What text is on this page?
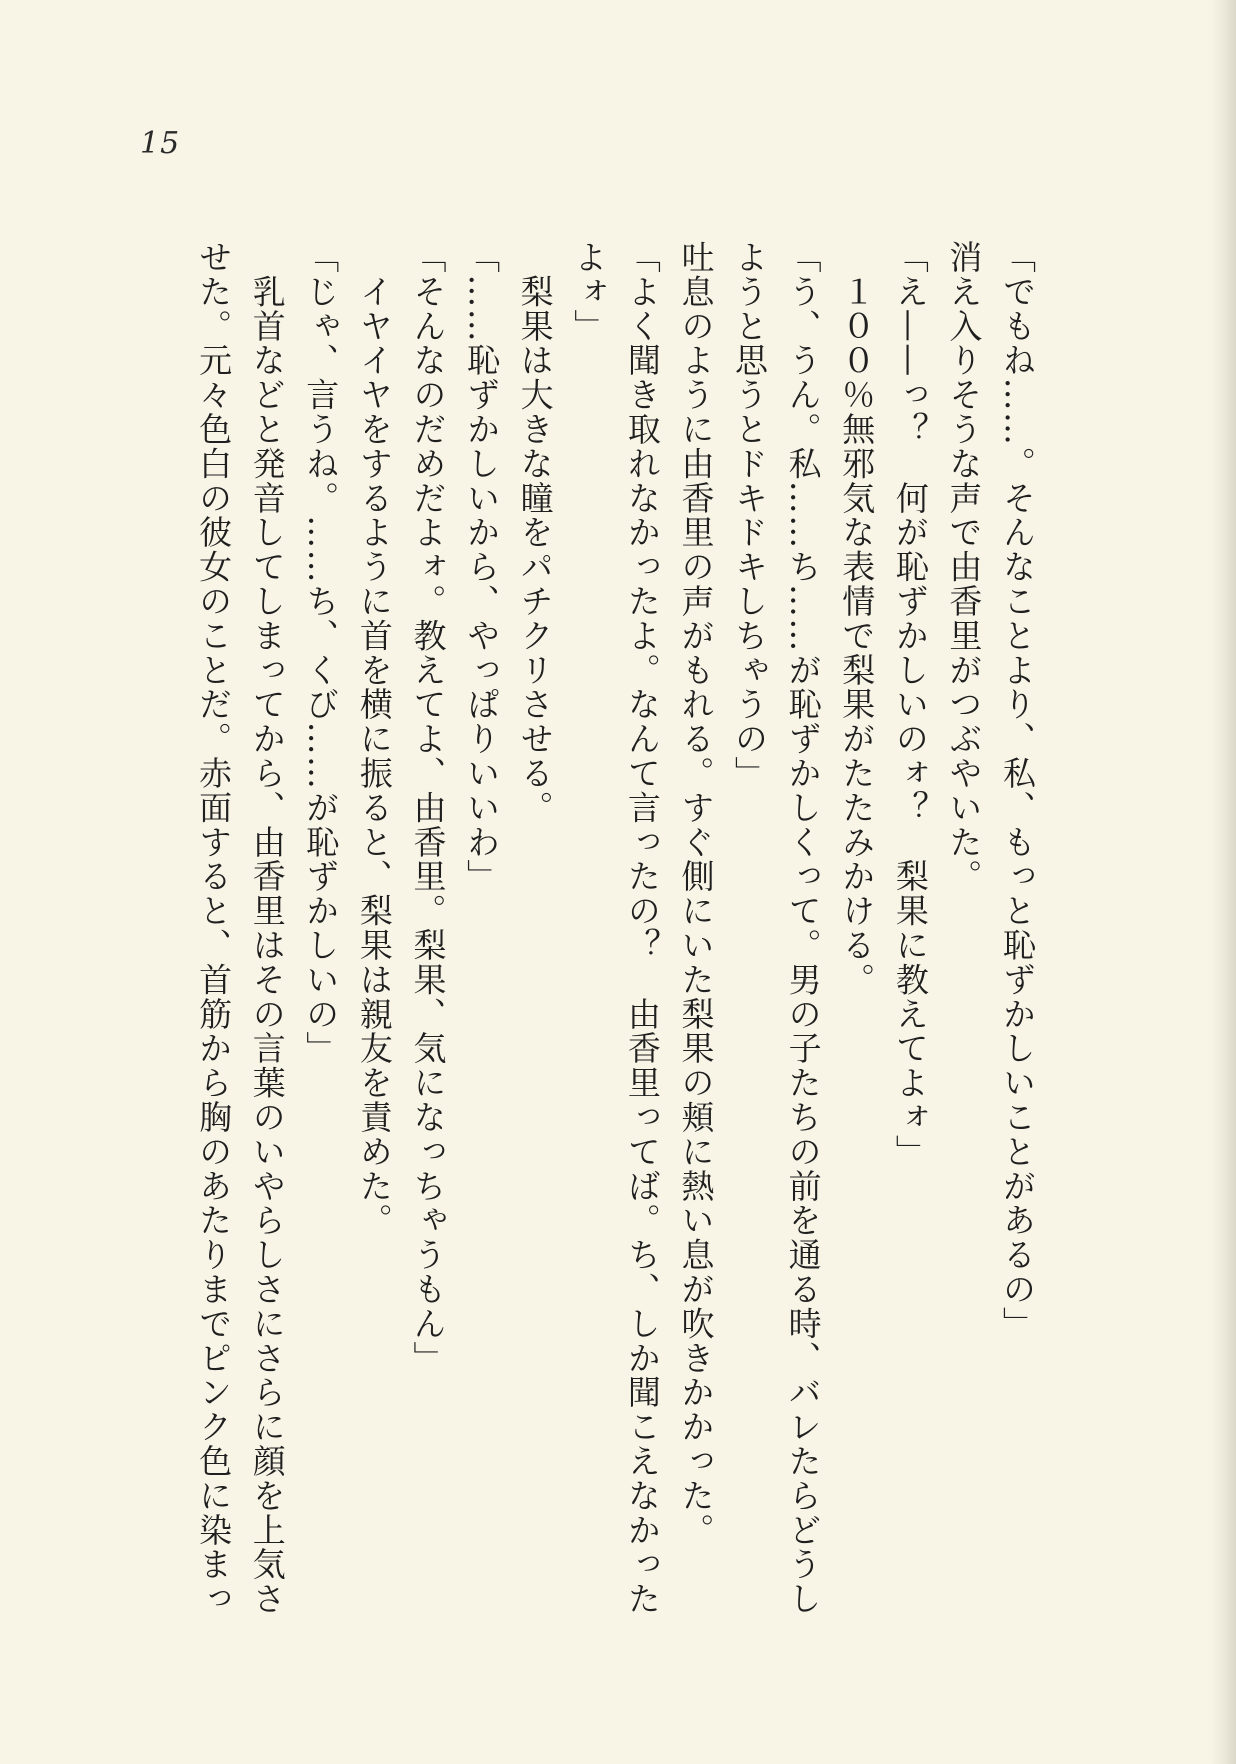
15

「でもね……。そんなことより、私、もっと恥ずかしいことがあるの」

消え入りそうな声で由香里がつぶやいた。

「え——っ？　何が恥ずかしいのォ？　梨果に教えてよォ」

　１００％無邪気な表情で梨果がたたみかける。

「う、うん。私……ち……が恥ずかしくって。男の子たちの前を通る時、バレたらどうしようと思うとドキドキしちゃうの」

吐息のように由香里の声がもれる。すぐ側にいた梨果の頬に熱い息が吹きかかった。

「よく聞き取れなかったよ。なんて言ったの？　由香里ってば。ち、しか聞こえなかったよォ」

　梨果は大きな瞳をパチクリさせる。

「……恥ずかしいから、やっぱりいいわ」

「そんなのだめだよォ。教えてよ、由香里。梨果、気になっちゃうもん」

　イヤイヤをするように首を横に振ると、梨果は親友を責めた。

「じゃ、言うね。……ち、くび……が恥ずかしいの」

　乳首などと発音してしまってから、由香里はその言葉のいやらしさにさらに顔を上気させた。元々色白の彼女のことだ。赤面すると、首筋から胸のあたりまでピンク色に染まっ
